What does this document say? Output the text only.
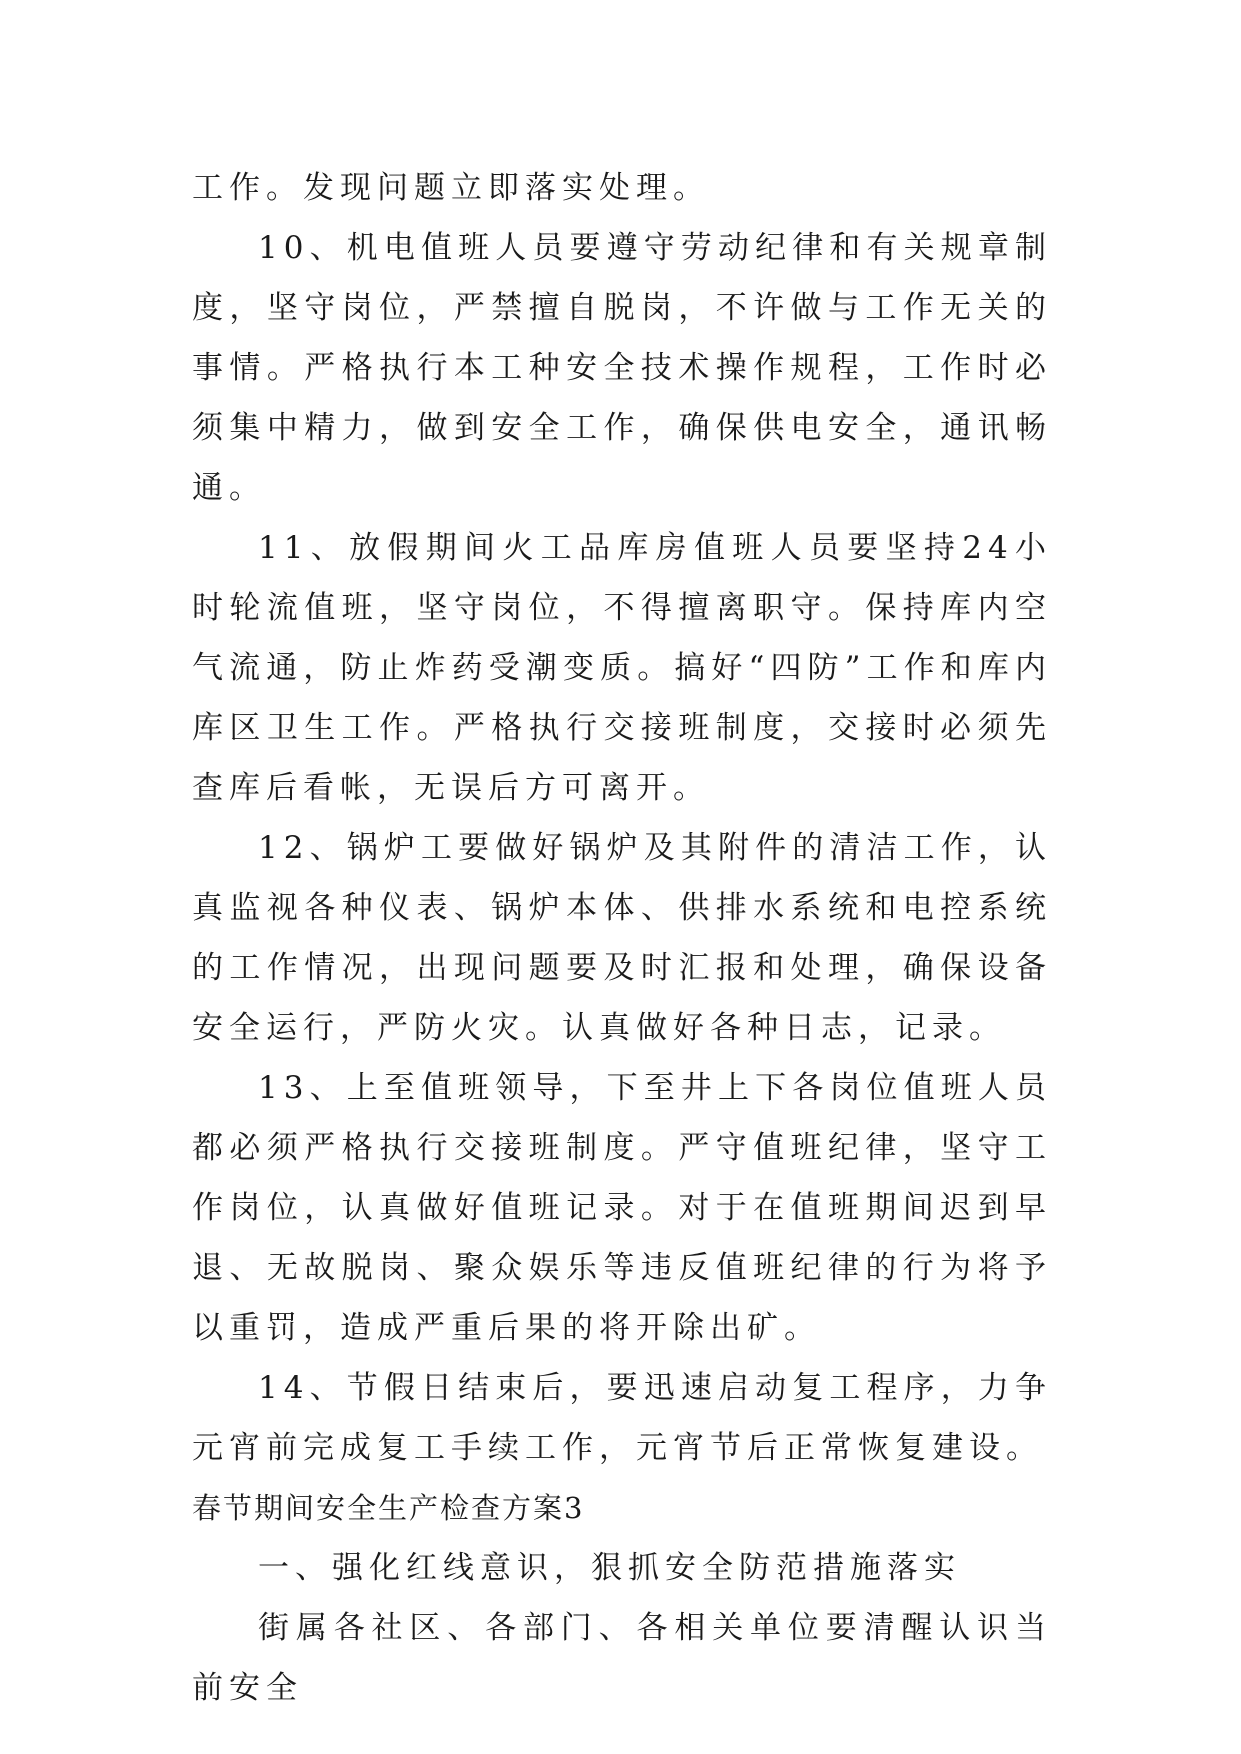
工作。发现问题立即落实处理。

10、机电值班人员要遵守劳动纪律和有关规章制度，坚守岗位，严禁擅自脱岗，不许做与工作无关的事情。严格执行本工种安全技术操作规程，工作时必须集中精力，做到安全工作，确保供电安全，通讯畅通。

11、放假期间火工品库房值班人员要坚持24小时轮流值班，坚守岗位，不得擅离职守。保持库内空气流通，防止炸药受潮变质。搞好“四防”工作和库内库区卫生工作。严格执行交接班制度，交接时必须先查库后看帐，无误后方可离开。

12、锅炉工要做好锅炉及其附件的清洁工作，认真监视各种仪表、锅炉本体、供排水系统和电控系统的工作情况，出现问题要及时汇报和处理，确保设备安全运行，严防火灾。认真做好各种日志，记录。

13、上至值班领导，下至井上下各岗位值班人员都必须严格执行交接班制度。严守值班纪律，坚守工作岗位，认真做好值班记录。对于在值班期间迟到早退、无故脱岗、聚众娱乐等违反值班纪律的行为将予以重罚，造成严重后果的将开除出矿。

14、节假日结束后，要迅速启动复工程序，力争元宵前完成复工手续工作，元宵节后正常恢复建设。

春节期间安全生产检查方案3

一、强化红线意识，狠抓安全防范措施落实

街属各社区、各部门、各相关单位要清醒认识当前安全
